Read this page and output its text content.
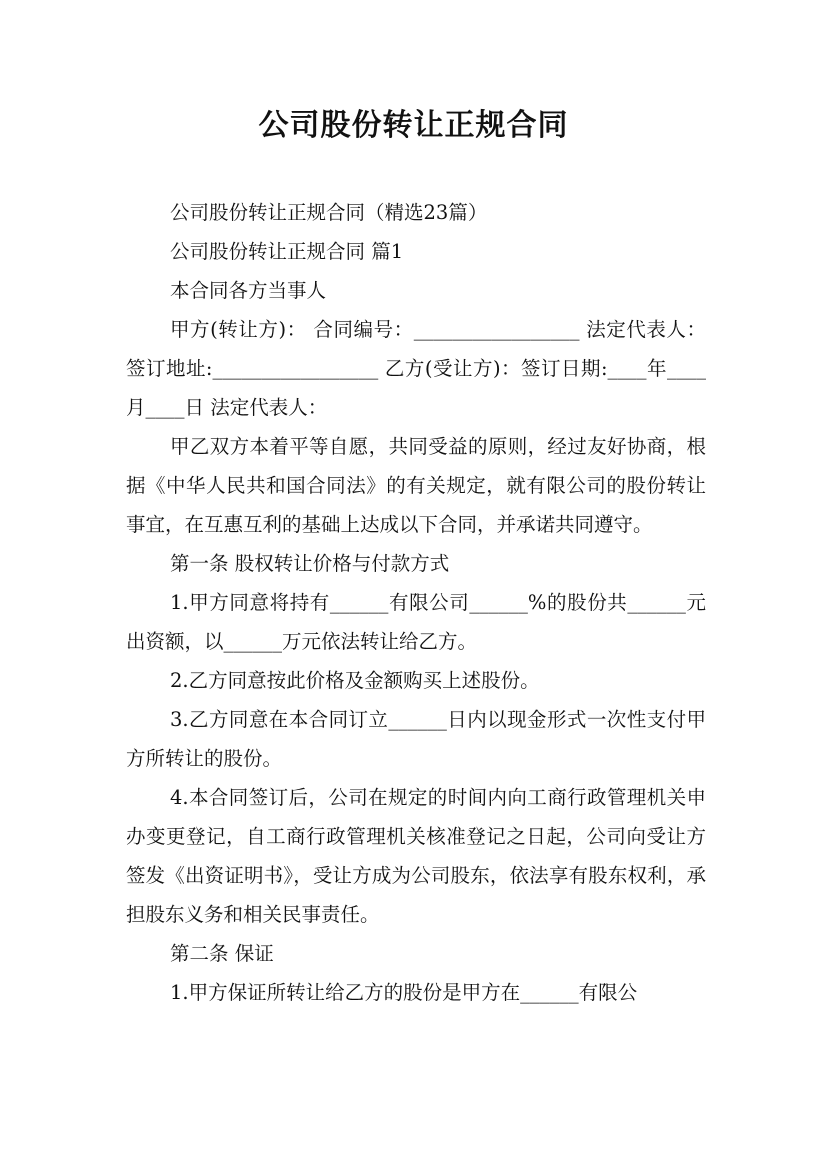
公司股份转让正规合同

公司股份转让正规合同（精选23篇）

公司股份转让正规合同 篇1

本合同各方当事人

甲方(转让方)： 合同编号：_________________ 法定代表人： 签订地址:_________________ 乙方(受让方)：签订日期:____年____月____日 法定代表人：

甲乙双方本着平等自愿，共同受益的原则，经过友好协商，根据《中华人民共和国合同法》的有关规定，就有限公司的股份转让事宜，在互惠互利的基础上达成以下合同，并承诺共同遵守。

第一条 股权转让价格与付款方式

1.甲方同意将持有______有限公司______%的股份共______元出资额，以______万元依法转让给乙方。

2.乙方同意按此价格及金额购买上述股份。

3.乙方同意在本合同订立______日内以现金形式一次性支付甲方所转让的股份。

4.本合同签订后，公司在规定的时间内向工商行政管理机关申办变更登记，自工商行政管理机关核准登记之日起，公司向受让方签发《出资证明书》，受让方成为公司股东，依法享有股东权利，承担股东义务和相关民事责任。

第二条 保证

1.甲方保证所转让给乙方的股份是甲方在______有限公
